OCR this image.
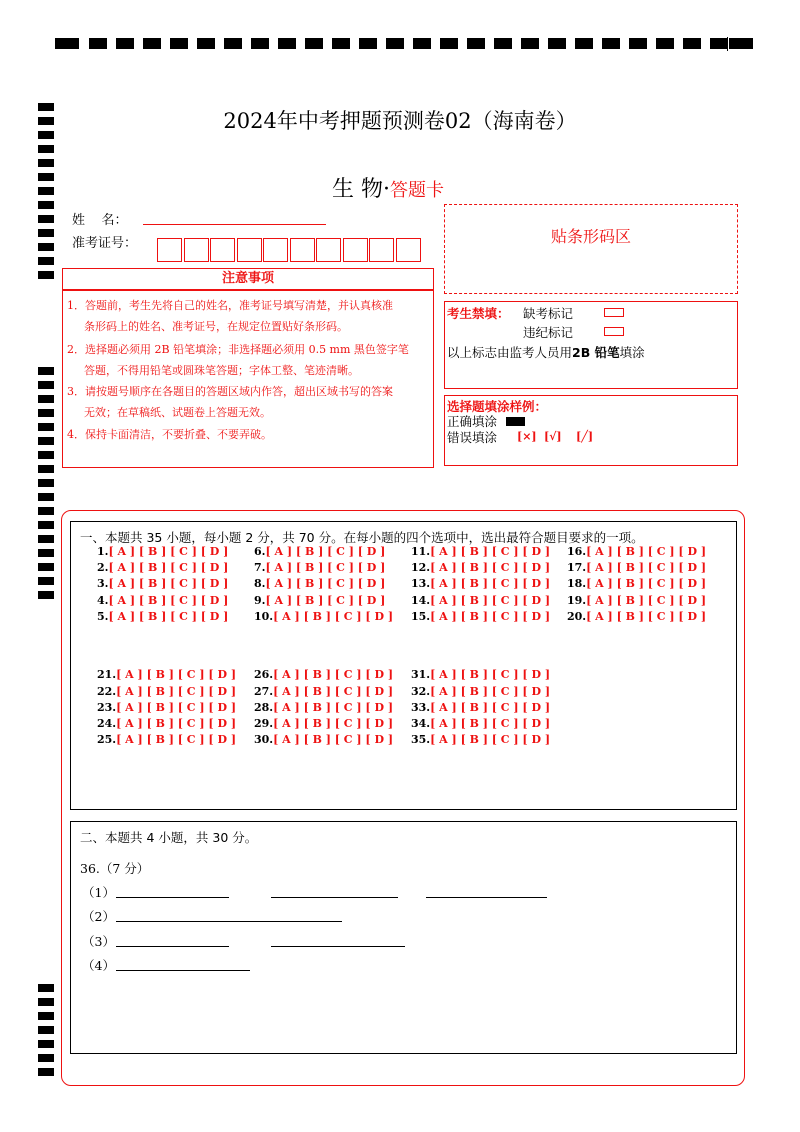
11
2024年中考押题预测卷02（海南卷）
生 物·答题卡
姓    名：
准考证号：	贴条形码区
注意事项
1．答题前，考生先将自己的姓名，准考证号填写清楚，并认真核准
条形码上的姓名、准考证号，在规定位置贴好条形码。
2．选择题必须用 2B 铅笔填涂；非选择题必须用 0.5 mm 黑色签字笔
答题，不得用铅笔或圆珠笔答题；字体工整、笔迹清晰。
3．请按题号顺序在各题目的答题区域内作答，超出区域书写的答案
无效；在草稿纸、试题卷上答题无效。
4．保持卡面清洁，不要折叠、不要弄破。
考生禁填： 缺考标记
违纪标记
以上标志由监考人员用2B 铅笔填涂
选择题填涂样例：
正确填涂
错误填涂 [×] [√] [╱]
一、本题共 35 小题，每小题 2 分，共 70 分。在每小题的四个选项中，选出最符合题目要求的一项。
1.[ A ] [ B ] [ C ] [ D ]
2.[ A ] [ B ] [ C ] [ D ]
3.[ A ] [ B ] [ C ] [ D ]
4.[ A ] [ B ] [ C ] [ D ]
5.[ A ] [ B ] [ C ] [ D ]
6.[ A ] [ B ] [ C ] [ D ]
7.[ A ] [ B ] [ C ] [ D ]
8.[ A ] [ B ] [ C ] [ D ]
9.[ A ] [ B ] [ C ] [ D ]
10.[ A ] [ B ] [ C ] [ D ]
11.[ A ] [ B ] [ C ] [ D ]
12.[ A ] [ B ] [ C ] [ D ]
13.[ A ] [ B ] [ C ] [ D ]
14.[ A ] [ B ] [ C ] [ D ]
15.[ A ] [ B ] [ C ] [ D ]
16.[ A ] [ B ] [ C ] [ D ]
17.[ A ] [ B ] [ C ] [ D ]
18.[ A ] [ B ] [ C ] [ D ]
19.[ A ] [ B ] [ C ] [ D ]
20.[ A ] [ B ] [ C ] [ D ]
21.[ A ] [ B ] [ C ] [ D ]
22.[ A ] [ B ] [ C ] [ D ]
23.[ A ] [ B ] [ C ] [ D ]
24.[ A ] [ B ] [ C ] [ D ]
25.[ A ] [ B ] [ C ] [ D ]
26.[ A ] [ B ] [ C ] [ D ]
27.[ A ] [ B ] [ C ] [ D ]
28.[ A ] [ B ] [ C ] [ D ]
29.[ A ] [ B ] [ C ] [ D ]
30.[ A ] [ B ] [ C ] [ D ]
31.[ A ] [ B ] [ C ] [ D ]
32.[ A ] [ B ] [ C ] [ D ]
33.[ A ] [ B ] [ C ] [ D ]
34.[ A ] [ B ] [ C ] [ D ]
35.[ A ] [ B ] [ C ] [ D ]
二、本题共 4 小题，共 30 分。
36.（7 分）
（1）
（2）
（3）
（4）
